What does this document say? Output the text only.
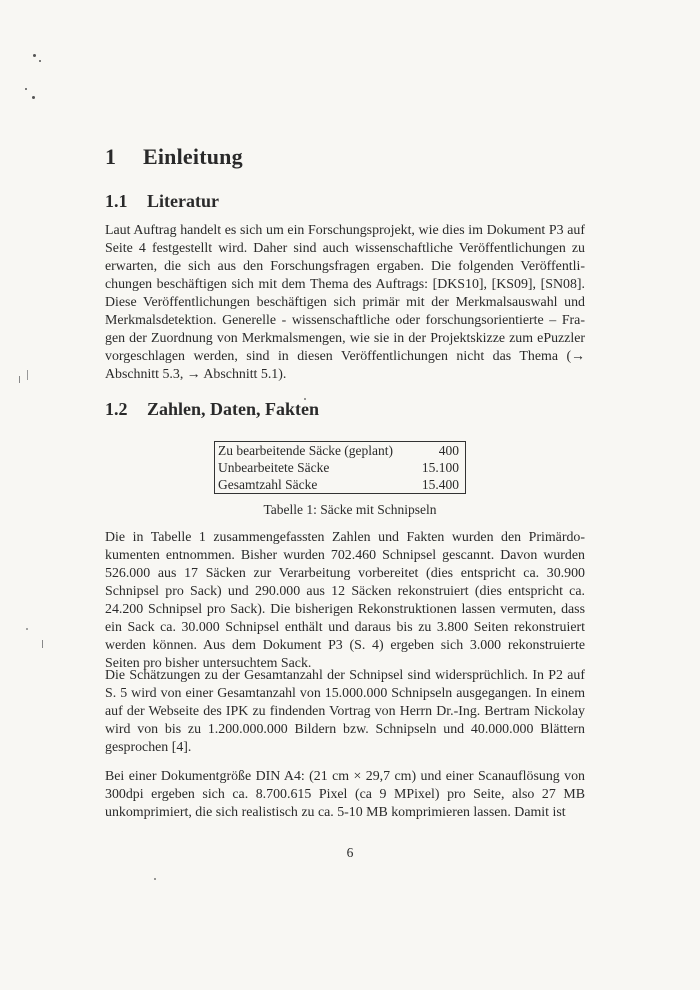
1 Einleitung
1.1 Literatur

Laut Auftrag handelt es sich um ein Forschungsprojekt, wie dies im Dokument P3 auf Seite 4 festgestellt wird. Daher sind auch wissenschaftliche Veröffentlichungen zu erwarten, die sich aus den Forschungsfragen ergaben. Die folgenden Veröffentlichungen beschäftigen sich mit dem Thema des Auftrags: [DKS10], [KS09], [SN08]. Diese Veröffentlichungen beschäftigen sich primär mit der Merkmalsauswahl und Merkmalsdetektion. Generelle - wissenschaftliche oder forschungsorientierte – Fragen der Zuordnung von Merkmalsmengen, wie sie in der Projektskizze zum ePuzzler vorgeschlagen werden, sind in diesen Veröffentlichungen nicht das Thema (→ Abschnitt 5.3, → Abschnitt 5.1).

1.2 Zahlen, Daten, Fakten
Zu bearbeitende Säcke (geplant)	400
Unbearbeitete Säcke	15.100
Gesamtzahl Säcke	15.400
Tabelle 1: Säcke mit Schnipseln

Die in Tabelle 1 zusammengefassten Zahlen und Fakten wurden den Primärdokumenten entnommen. Bisher wurden 702.460 Schnipsel gescannt. Davon wurden 526.000 aus 17 Säcken zur Verarbeitung vorbereitet (dies entspricht ca. 30.900 Schnipsel pro Sack) und 290.000 aus 12 Säcken rekonstruiert (dies entspricht ca. 24.200 Schnipsel pro Sack). Die bisherigen Rekonstruktionen lassen vermuten, dass ein Sack ca. 30.000 Schnipsel enthält und daraus bis zu 3.800 Seiten rekonstruiert werden können. Aus dem Dokument P3 (S. 4) ergeben sich 3.000 rekonstruierte Seiten pro bisher untersuchtem Sack.

Die Schätzungen zu der Gesamtanzahl der Schnipsel sind widersprüchlich. In P2 auf S. 5 wird von einer Gesamtanzahl von 15.000.000 Schnipseln ausgegangen. In einem auf der Webseite des IPK zu findenden Vortrag von Herrn Dr.-Ing. Bertram Nickolay wird von bis zu 1.200.000.000 Bildern bzw. Schnipseln und 40.000.000 Blättern gesprochen [4].

Bei einer Dokumentgröße DIN A4: (21 cm × 29,7 cm) und einer Scanauflösung von 300dpi ergeben sich ca. 8.700.615 Pixel (ca 9 MPixel) pro Seite, also 27 MB unkomprimiert, die sich realistisch zu ca. 5-10 MB komprimieren lassen. Damit ist

6
